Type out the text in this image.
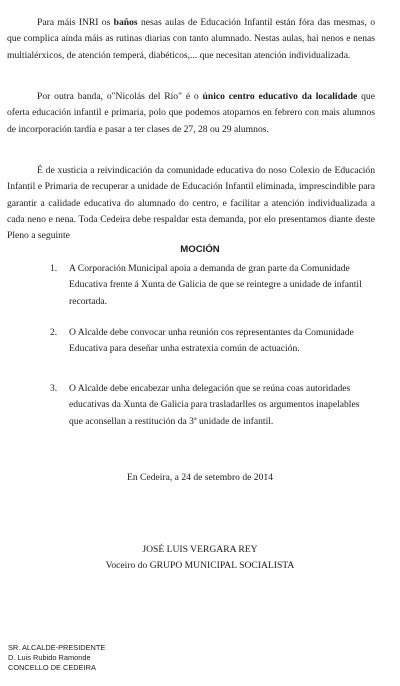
Para máis INRI os baños nesas aulas de Educación Infantil están fóra das mesmas, o que complica aínda máis as rutinas diarias con tanto alumnado. Nestas aulas, hai nenos e nenas multialérxicos, de atención temperá, diabéticos,... que necesitan atención individualizada.

Por outra banda, o"Nicolás del Río" é o único centro educativo da localidade que oferta educación infantil e primaria, polo que podemos atoparnos en febrero con mais alumnos de incorporación tardía e pasar a ter clases de 27, 28 ou 29 alumnos.

É de xusticia a reivindicación da comunidade educativa do noso Colexio de Educación Infantil e Primaria de recuperar a unidade de Educación Infantil eliminada, imprescindible para garantir a calidade educativa do alumnado do centro, e facilitar a atención individualizada a cada neno e nena. Toda Cedeira debe respaldar esta demanda, por elo presentamos diante deste Pleno a seguinte

MOCIÓN

1.	A Corporación Municipal apoia a demanda de gran parte da Comunidade Educativa frente á Xunta de Galicia de que se reintegre a unidade de infantil recortada.
2.	O Alcalde debe convocar unha reunión cos representantes da Comunidade Educativa para deseñar unha estratexia común de actuación.
3.	O Alcalde debe encabezar unha delegación que se reúna coas autoridades educativas da Xunta de Galicia para trasladarlles os argumentos inapelables que aconsellan a restitución da 3ª unidade de infantil.

En Cedeira, a 24 de setembro de 2014

JOSÉ LUIS VERGARA REY

Voceiro do GRUPO MUNICIPAL SOCIALISTA

SR. ALCALDE-PRESIDENTE
D. Luis Rubido Ramonde
CONCELLO DE CEDEIRA
